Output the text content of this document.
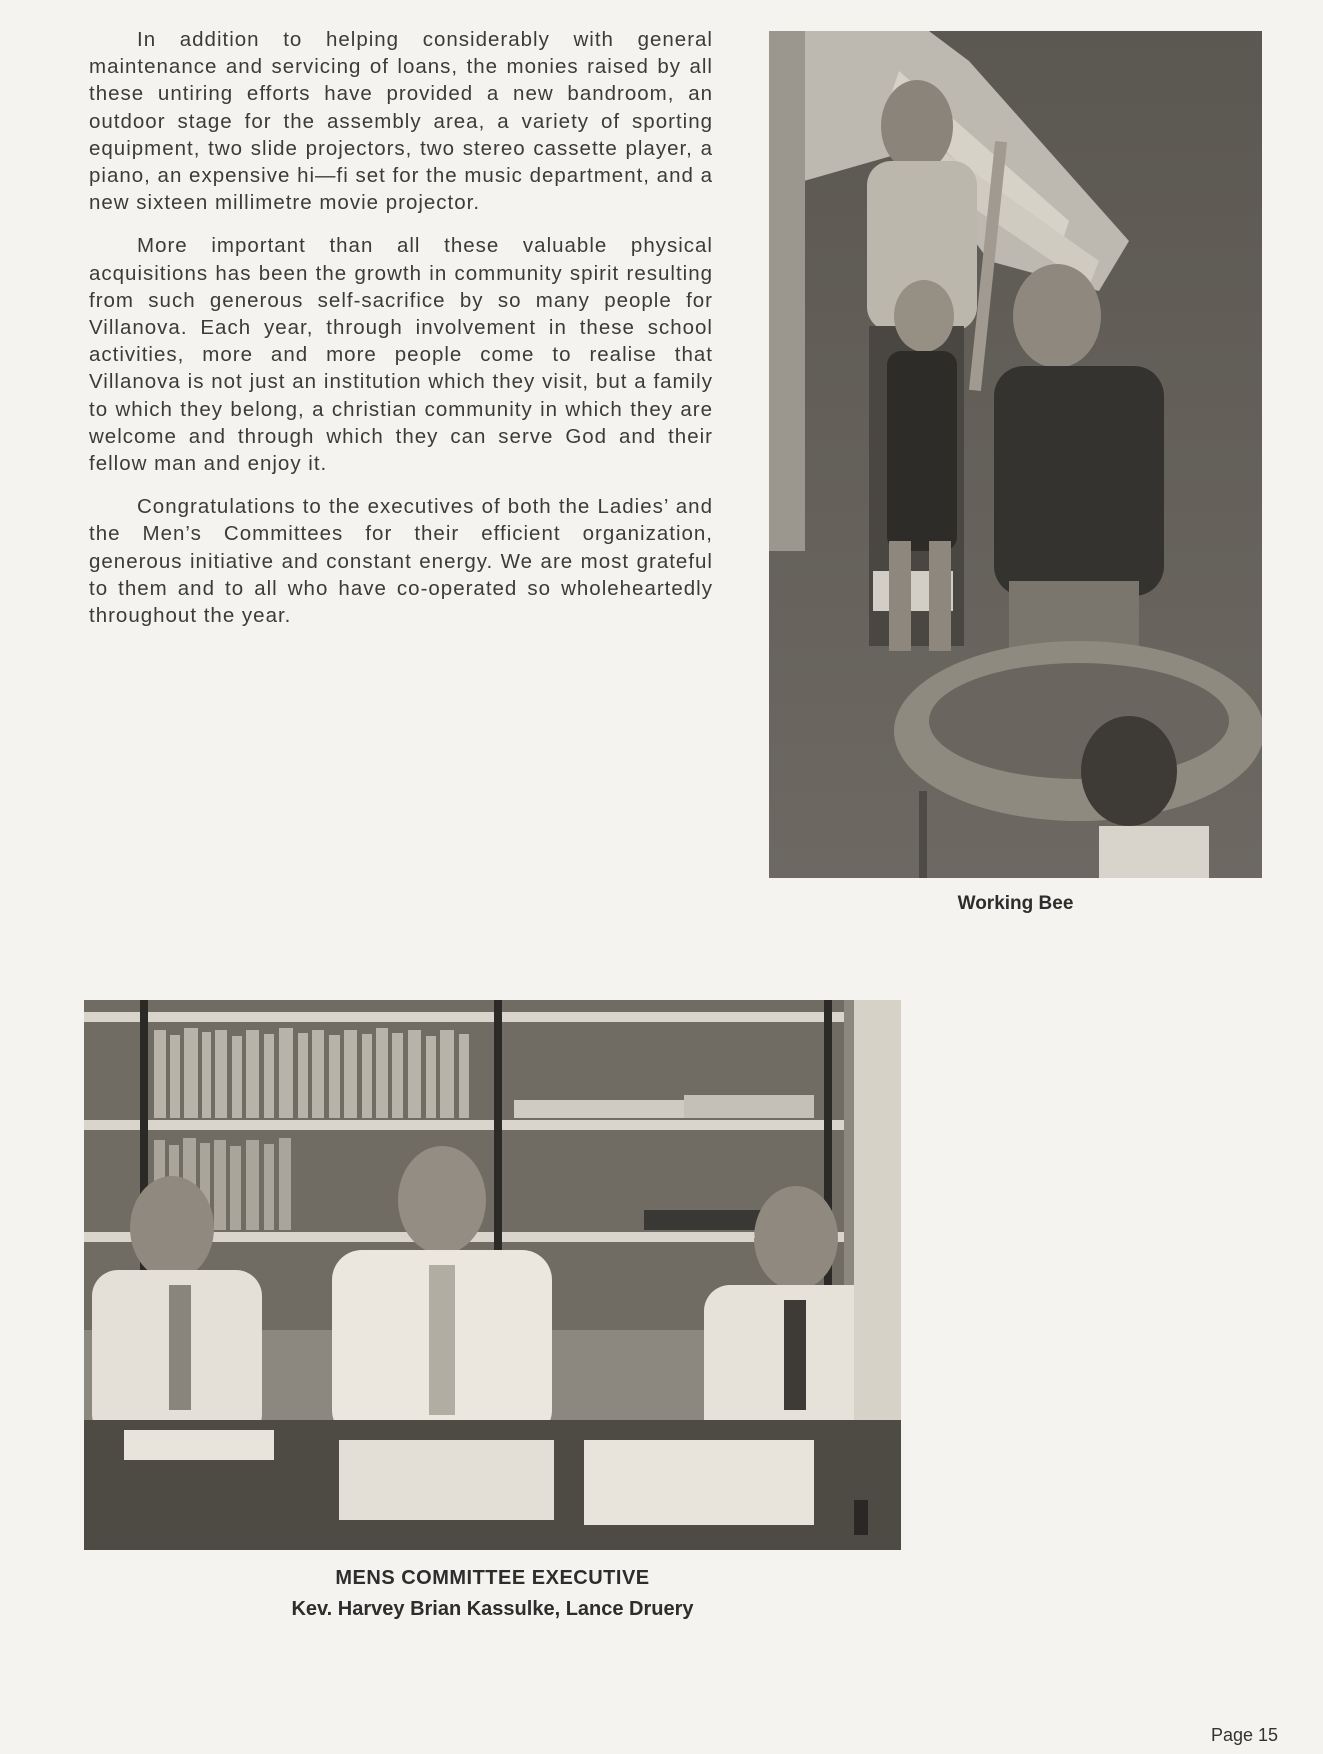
In addition to helping considerably with general maintenance and servicing of loans, the monies raised by all these untiring efforts have provided a new bandroom, an outdoor stage for the assembly area, a variety of sporting equipment, two slide projectors, two stereo cassette player, a piano, an expensive hi—fi set for the music department, and a new sixteen millimetre movie projector.

More important than all these valuable physical acquisitions has been the growth in community spirit resulting from such generous self-sacrifice by so many people for Villanova. Each year, through involvement in these school activities, more and more people come to realise that Villanova is not just an institution which they visit, but a family to which they belong, a christian community in which they are welcome and through which they can serve God and their fellow man and enjoy it.

Congratulations to the executives of both the Ladies’ and the Men’s Committees for their efficient organization, generous initiative and constant energy. We are most grateful to them and to all who have co-operated so wholeheartedly throughout the year.

Working Bee
ACCOUNTING
MENS COMMITTEE EXECUTIVE
Kev. Harvey Brian Kassulke, Lance Druery
Page 15
